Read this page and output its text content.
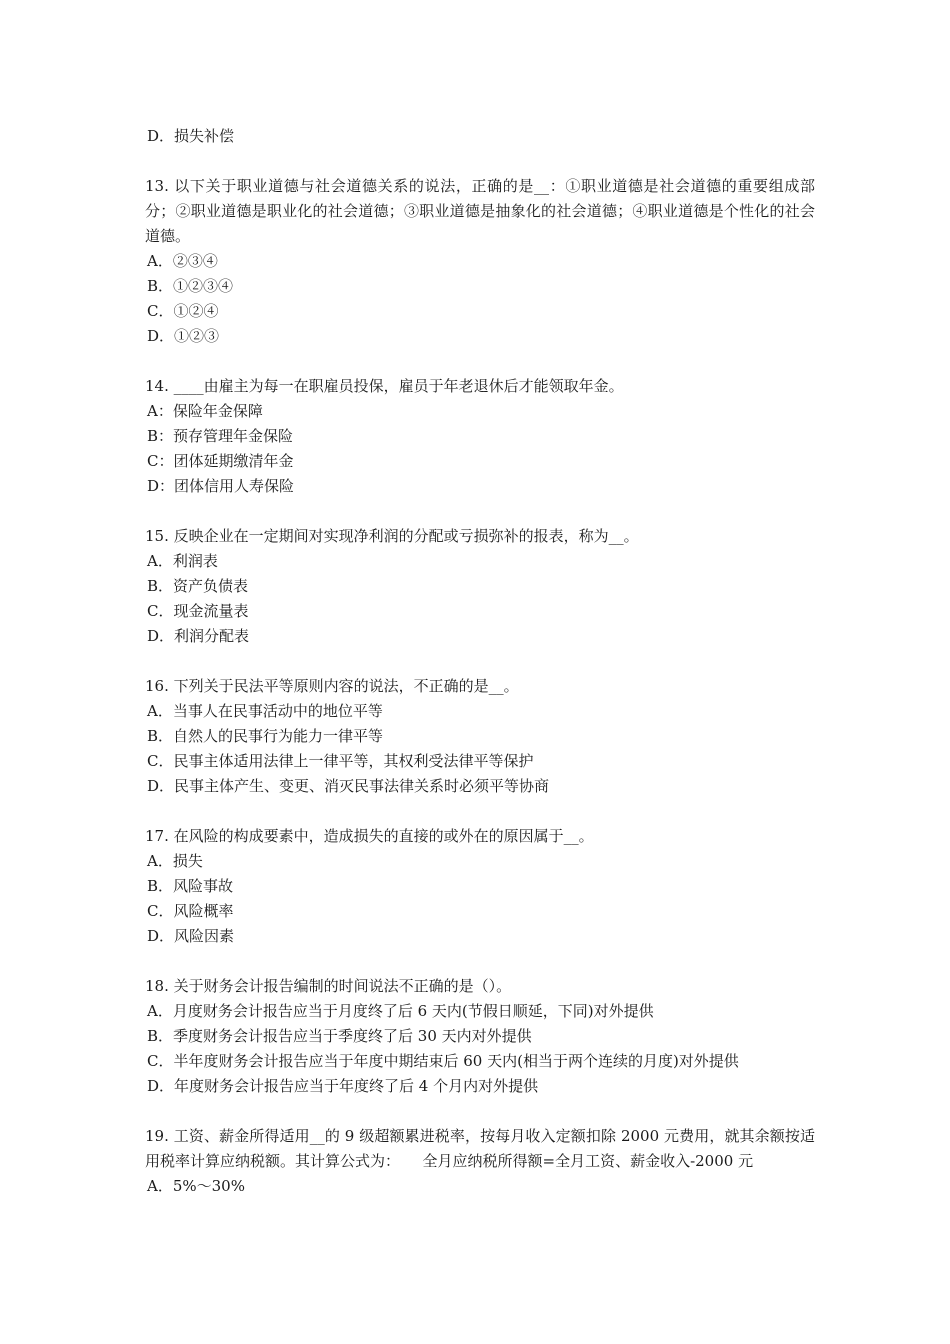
D．损失补偿
13. 以下关于职业道德与社会道德关系的说法，正确的是__：①职业道德是社会道德的重要组成部分；②职业道德是职业化的社会道德；③职业道德是抽象化的社会道德；④职业道德是个性化的社会道德。
A．②③④
B．①②③④
C．①②④
D．①②③
14. ____由雇主为每一在职雇员投保，雇员于年老退休后才能领取年金。
A：保险年金保障
B：预存管理年金保险
C：团体延期缴清年金
D：团体信用人寿保险
15. 反映企业在一定期间对实现净利润的分配或亏损弥补的报表，称为__。
A．利润表
B．资产负债表
C．现金流量表
D．利润分配表
16. 下列关于民法平等原则内容的说法，不正确的是__。
A．当事人在民事活动中的地位平等
B．自然人的民事行为能力一律平等
C．民事主体适用法律上一律平等，其权利受法律平等保护
D．民事主体产生、变更、消灭民事法律关系时必须平等协商
17. 在风险的构成要素中，造成损失的直接的或外在的原因属于__。
A．损失
B．风险事故
C．风险概率
D．风险因素
18. 关于财务会计报告编制的时间说法不正确的是（）。
A．月度财务会计报告应当于月度终了后 6 天内(节假日顺延，下同)对外提供
B．季度财务会计报告应当于季度终了后 30 天内对外提供
C．半年度财务会计报告应当于年度中期结束后 60 天内(相当于两个连续的月度)对外提供
D．年度财务会计报告应当于年度终了后 4 个月内对外提供
19. 工资、薪金所得适用__的 9 级超额累进税率，按每月收入定额扣除 2000 元费用，就其余额按适用税率计算应纳税额。其计算公式为：　　全月应纳税所得额=全月工资、薪金收入-2000 元
A．5%～30%
